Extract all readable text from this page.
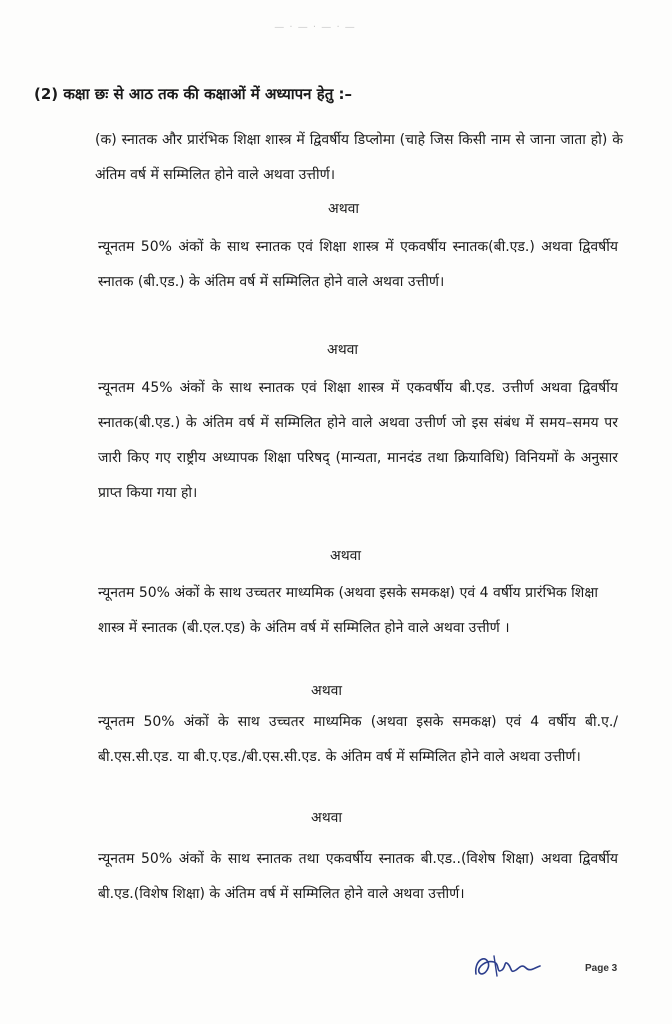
— · — · — · —
(2) कक्षा छः से आठ तक की कक्षाओं में अध्यापन हेतु :–
(क) स्नातक और प्रारंभिक शिक्षा शास्त्र में द्विवर्षीय डिप्लोमा (चाहे जिस किसी नाम से जाना जाता हो) के अंतिम वर्ष में सम्मिलित होने वाले अथवा उत्तीर्ण।
अथवा
न्यूनतम 50% अंकों के साथ स्नातक एवं शिक्षा शास्त्र में एकवर्षीय स्नातक(बी.एड.) अथवा द्विवर्षीय स्नातक (बी.एड.) के अंतिम वर्ष में सम्मिलित होने वाले अथवा उत्तीर्ण।
अथवा
न्यूनतम 45% अंकों के साथ स्नातक एवं शिक्षा शास्त्र में एकवर्षीय बी.एड. उत्तीर्ण अथवा द्विवर्षीय स्नातक(बी.एड.) के अंतिम वर्ष में सम्मिलित होने वाले अथवा उत्तीर्ण जो इस संबंध में समय–समय पर जारी किए गए राष्ट्रीय अध्यापक शिक्षा परिषद् (मान्यता, मानदंड तथा क्रियाविधि) विनियमों के अनुसार प्राप्त किया गया हो।
अथवा
न्यूनतम 50% अंकों के साथ उच्चतर माध्यमिक (अथवा इसके समकक्ष) एवं 4 वर्षीय प्रारंभिक शिक्षा शास्त्र में स्नातक (बी.एल.एड) के अंतिम वर्ष में सम्मिलित होने वाले अथवा उत्तीर्ण ।
अथवा
न्यूनतम 50% अंकों के साथ उच्चतर माध्यमिक (अथवा इसके समकक्ष) एवं 4 वर्षीय बी.ए./बी.एस.सी.एड. या बी.ए.एड./बी.एस.सी.एड. के अंतिम वर्ष में सम्मिलित होने वाले अथवा उत्तीर्ण।
अथवा
न्यूनतम 50% अंकों के साथ स्नातक तथा एकवर्षीय स्नातक बी.एड..(विशेष शिक्षा) अथवा द्विवर्षीय बी.एड.(विशेष शिक्षा) के अंतिम वर्ष में सम्मिलित होने वाले अथवा उत्तीर्ण।
Page 3
